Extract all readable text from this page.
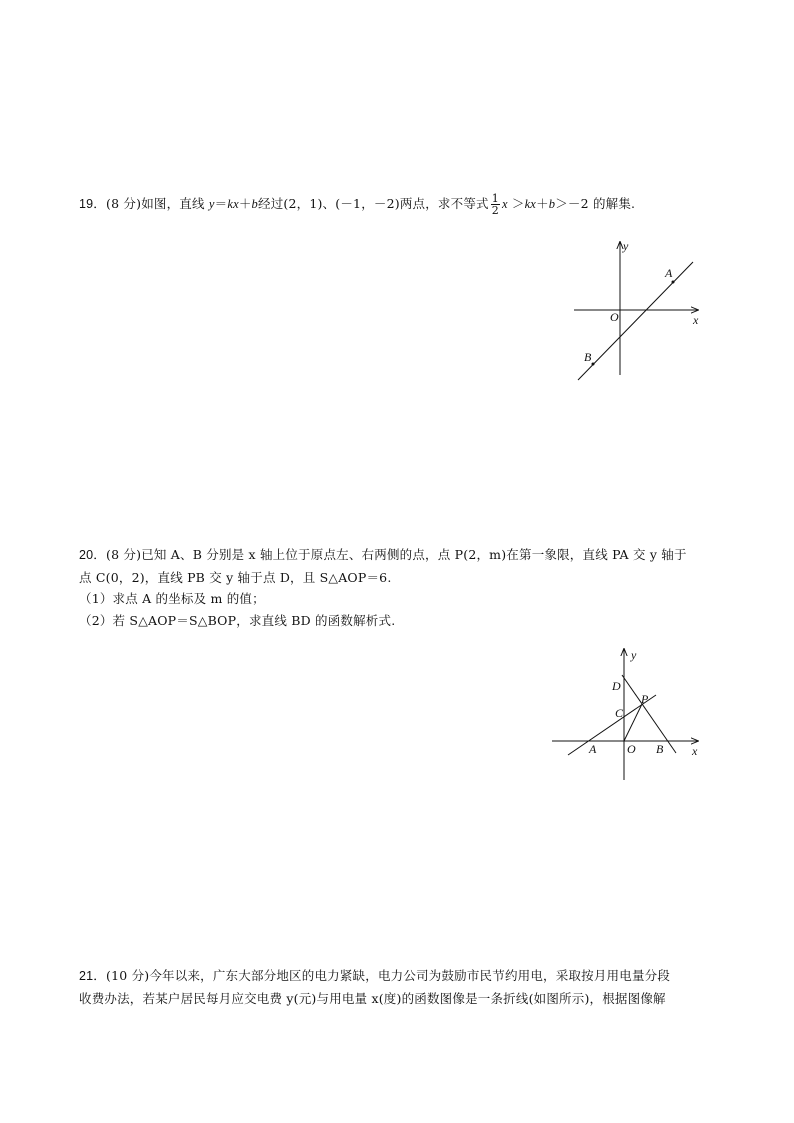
19．(8 分)如图，直线 y＝kx＋b经过(2，1)、(－1，－2)两点，求不等式 $\frac{1}{2}$ x ＞kx＋b＞－2 的解集.
y
x
O
A
B
20．(8 分)已知 A、B 分别是 x 轴上位于原点左、右两侧的点，点 P(2，m)在第一象限，直线 PA 交 y 轴于
点 C(0，2)，直线 PB 交 y 轴于点 D，且 S△AOP＝6.
（1）求点 A 的坐标及 m 的值；
（2）若 S△AOP＝S△BOP，求直线 BD 的函数解析式.
y
x
D
P
C
A	O B
21．(10 分)今年以来，广东大部分地区的电力紧缺，电力公司为鼓励市民节约用电，采取按月用电量分段
收费办法，若某户居民每月应交电费 y(元)与用电量 x(度)的函数图像是一条折线(如图所示)，根据图像解
